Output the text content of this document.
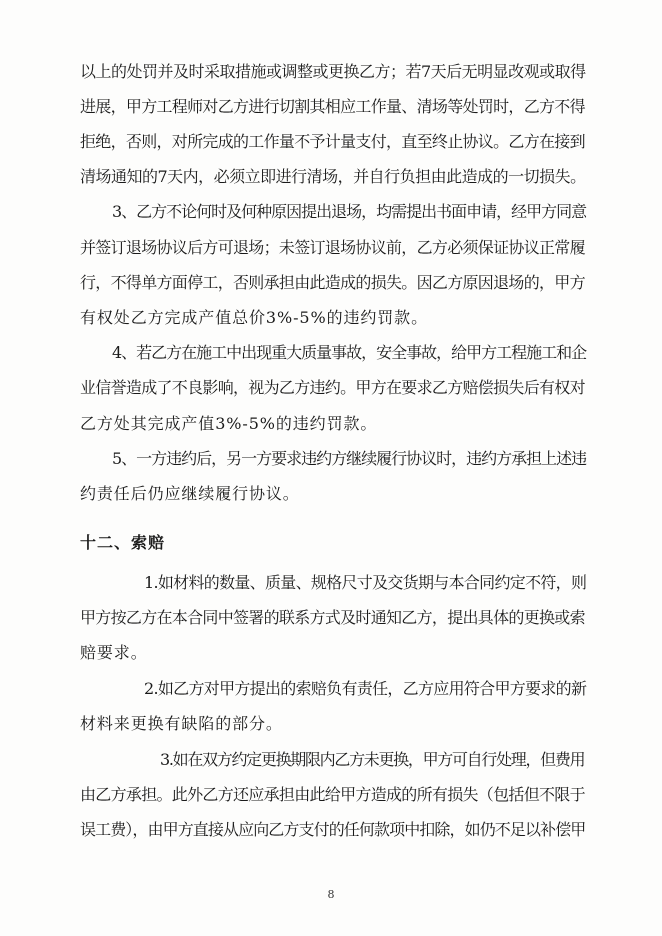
以上的处罚并及时采取措施或调整或更换乙方；若7天后无明显改观或取得
进展，甲方工程师对乙方进行切割其相应工作量、清场等处罚时，乙方不得
拒绝，否则，对所完成的工作量不予计量支付，直至终止协议。乙方在接到
清场通知的7天内，必须立即进行清场，并自行负担由此造成的一切损失。
3、乙方不论何时及何种原因提出退场，均需提出书面申请，经甲方同意
并签订退场协议后方可退场；未签订退场协议前，乙方必须保证协议正常履
行，不得单方面停工，否则承担由此造成的损失。因乙方原因退场的，甲方
有权处乙方完成产值总价3%-5%的违约罚款。
4、若乙方在施工中出现重大质量事故，安全事故，给甲方工程施工和企
业信誉造成了不良影响，视为乙方违约。甲方在要求乙方赔偿损失后有权对
乙方处其完成产值3%-5%的违约罚款。
5、一方违约后，另一方要求违约方继续履行协议时，违约方承担上述违
约责任后仍应继续履行协议。
十二、索赔
1.如材料的数量、质量、规格尺寸及交货期与本合同约定不符，则
甲方按乙方在本合同中签署的联系方式及时通知乙方，提出具体的更换或索
赔要求。
2.如乙方对甲方提出的索赔负有责任，乙方应用符合甲方要求的新
材料来更换有缺陷的部分。
3.如在双方约定更换期限内乙方未更换，甲方可自行处理，但费用
由乙方承担。此外乙方还应承担由此给甲方造成的所有损失（包括但不限于
误工费），由甲方直接从应向乙方支付的任何款项中扣除，如仍不足以补偿甲
8
